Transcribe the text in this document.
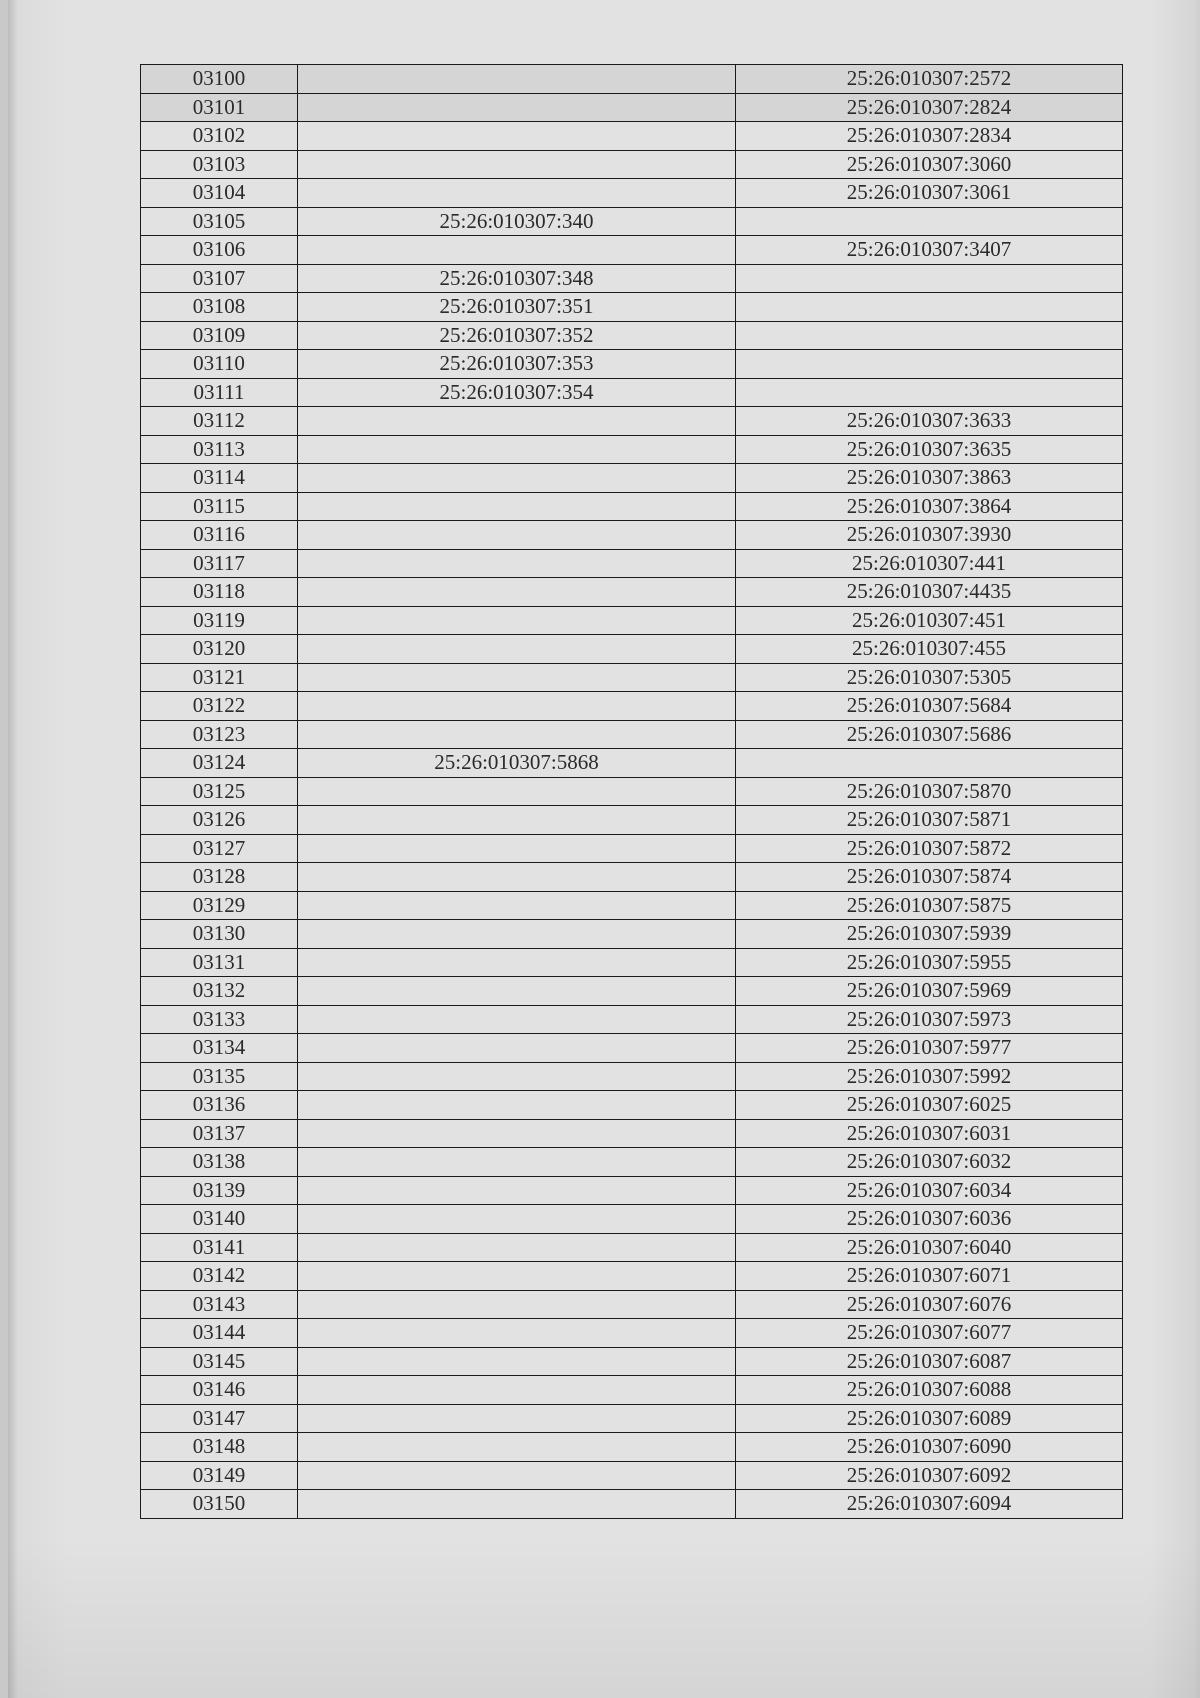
03100		25:26:010307:2572
03101		25:26:010307:2824
03102		25:26:010307:2834
03103		25:26:010307:3060
03104		25:26:010307:3061
03105	25:26:010307:340	
03106		25:26:010307:3407
03107	25:26:010307:348	
03108	25:26:010307:351	
03109	25:26:010307:352	
03110	25:26:010307:353	
03111	25:26:010307:354	
03112		25:26:010307:3633
03113		25:26:010307:3635
03114		25:26:010307:3863
03115		25:26:010307:3864
03116		25:26:010307:3930
03117		25:26:010307:441
03118		25:26:010307:4435
03119		25:26:010307:451
03120		25:26:010307:455
03121		25:26:010307:5305
03122		25:26:010307:5684
03123		25:26:010307:5686
03124	25:26:010307:5868	
03125		25:26:010307:5870
03126		25:26:010307:5871
03127		25:26:010307:5872
03128		25:26:010307:5874
03129		25:26:010307:5875
03130		25:26:010307:5939
03131		25:26:010307:5955
03132		25:26:010307:5969
03133		25:26:010307:5973
03134		25:26:010307:5977
03135		25:26:010307:5992
03136		25:26:010307:6025
03137		25:26:010307:6031
03138		25:26:010307:6032
03139		25:26:010307:6034
03140		25:26:010307:6036
03141		25:26:010307:6040
03142		25:26:010307:6071
03143		25:26:010307:6076
03144		25:26:010307:6077
03145		25:26:010307:6087
03146		25:26:010307:6088
03147		25:26:010307:6089
03148		25:26:010307:6090
03149		25:26:010307:6092
03150		25:26:010307:6094
